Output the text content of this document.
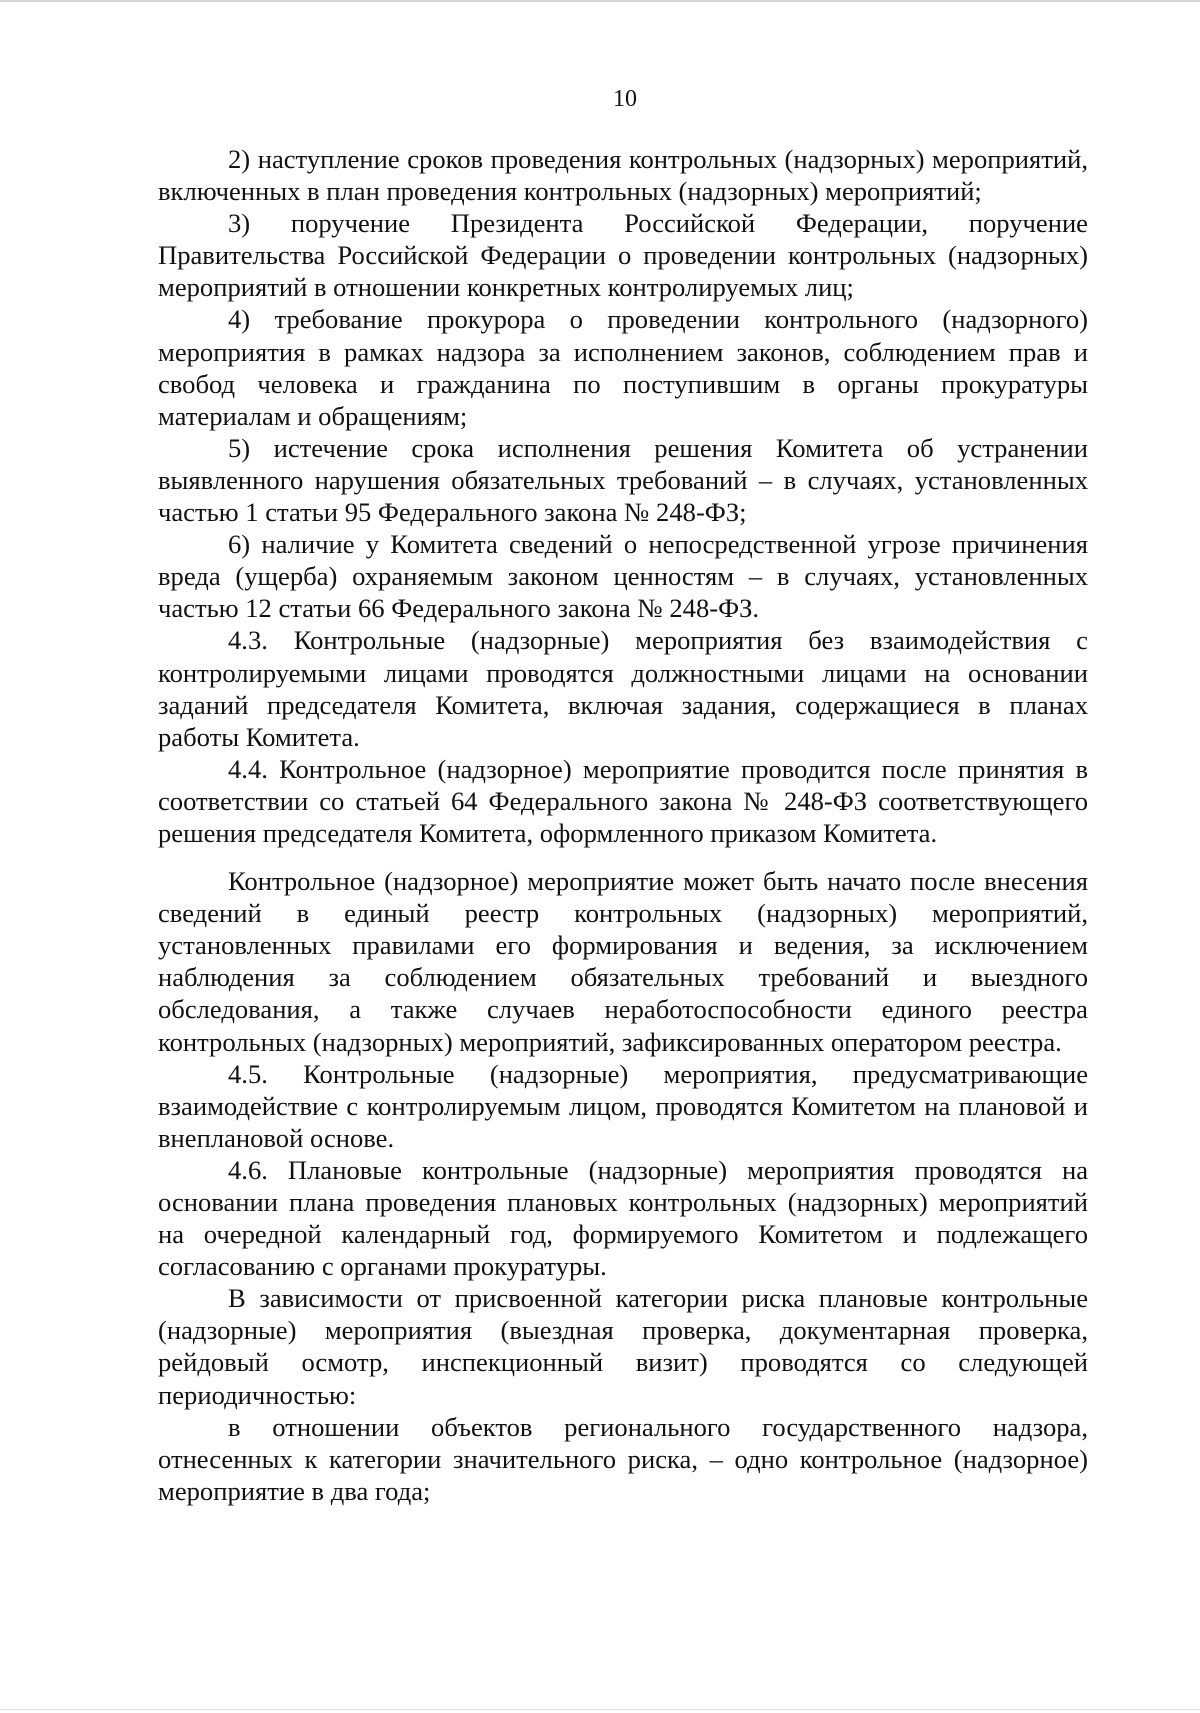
10

2) наступление сроков проведения контрольных (надзорных) мероприятий, включенных в план проведения контрольных (надзорных) мероприятий;

3) поручение Президента Российской Федерации, поручение Правительства Российской Федерации о проведении контрольных (надзорных) мероприятий в отношении конкретных контролируемых лиц;

4) требование прокурора о проведении контрольного (надзорного) мероприятия в рамках надзора за исполнением законов, соблюдением прав и свобод человека и гражданина по поступившим в органы прокуратуры материалам и обращениям;

5) истечение срока исполнения решения Комитета об устранении выявленного нарушения обязательных требований – в случаях, установленных частью 1 статьи 95 Федерального закона № 248-ФЗ;

6) наличие у Комитета сведений о непосредственной угрозе причинения вреда (ущерба) охраняемым законом ценностям – в случаях, установленных частью 12 статьи 66 Федерального закона № 248-ФЗ.

4.3. Контрольные (надзорные) мероприятия без взаимодействия с контролируемыми лицами проводятся должностными лицами на основании заданий председателя Комитета, включая задания, содержащиеся в планах работы Комитета.

4.4. Контрольное (надзорное) мероприятие проводится после принятия в соответствии со статьей 64 Федерального закона № 248-ФЗ соответствующего решения председателя Комитета, оформленного приказом Комитета.

Контрольное (надзорное) мероприятие может быть начато после внесения сведений в единый реестр контрольных (надзорных) мероприятий, установленных правилами его формирования и ведения, за исключением наблюдения за соблюдением обязательных требований и выездного обследования, а также случаев неработоспособности единого реестра контрольных (надзорных) мероприятий, зафиксированных оператором реестра.

4.5. Контрольные (надзорные) мероприятия, предусматривающие взаимодействие с контролируемым лицом, проводятся Комитетом на плановой и внеплановой основе.

4.6. Плановые контрольные (надзорные) мероприятия проводятся на основании плана проведения плановых контрольных (надзорных) мероприятий на очередной календарный год, формируемого Комитетом и подлежащего согласованию с органами прокуратуры.

В зависимости от присвоенной категории риска плановые контрольные (надзорные) мероприятия (выездная проверка, документарная проверка, рейдовый осмотр, инспекционный визит) проводятся со следующей периодичностью:

в отношении объектов регионального государственного надзора, отнесенных к категории значительного риска, – одно контрольное (надзорное) мероприятие в два года;
